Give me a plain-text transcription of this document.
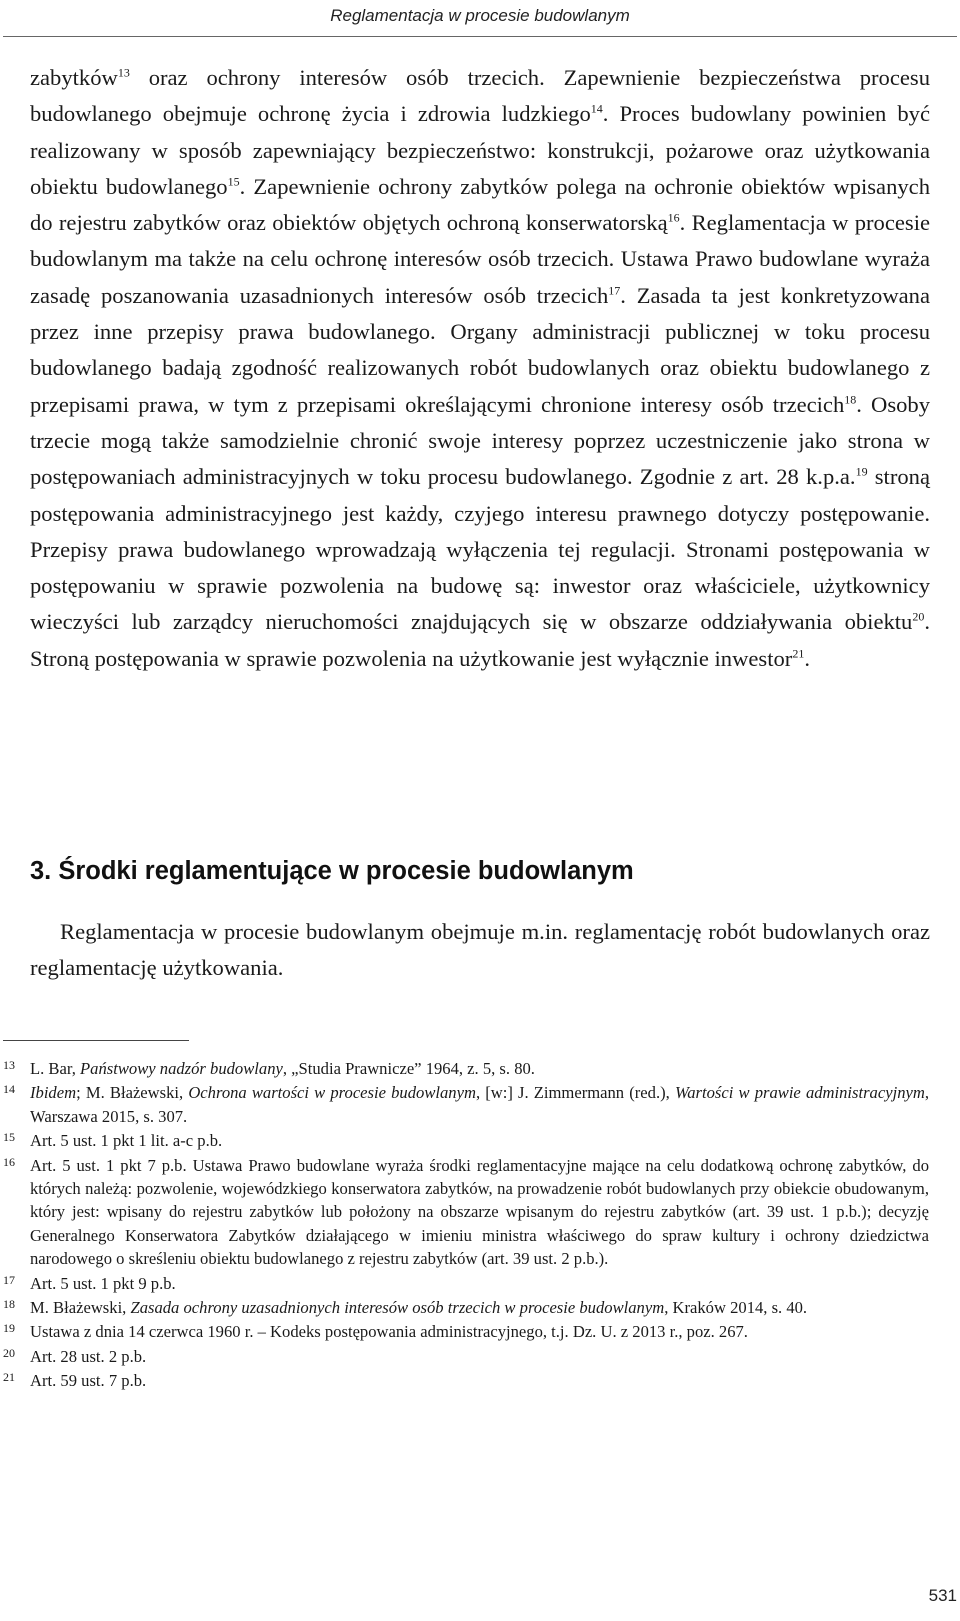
Reglamentacja w procesie budowlanym
zabytków$^{13}$ oraz ochrony interesów osób trzecich. Zapewnienie bezpieczeństwa procesu budowlanego obejmuje ochronę życia i zdrowia ludzkiego$^{14}$. Proces budowlany powinien być realizowany w sposób zapewniający bezpieczeństwo: konstrukcji, pożarowe oraz użytkowania obiektu budowlanego$^{15}$. Zapewnienie ochrony zabytków polega na ochronie obiektów wpisanych do rejestru zabytków oraz obiektów objętych ochroną konserwatorską$^{16}$. Reglamentacja w procesie budowlanym ma także na celu ochronę interesów osób trzecich. Ustawa Prawo budowlane wyraża zasadę poszanowania uzasadnionych interesów osób trzecich$^{17}$. Zasada ta jest konkretyzowana przez inne przepisy prawa budowlanego. Organy administracji publicznej w toku procesu budowlanego badają zgodność realizowanych robót budowlanych oraz obiektu budowlanego z przepisami prawa, w tym z przepisami określającymi chronione interesy osób trzecich$^{18}$. Osoby trzecie mogą także samodzielnie chronić swoje interesy poprzez uczestniczenie jako strona w postępowaniach administracyjnych w toku procesu budowlanego. Zgodnie z art. 28 k.p.a.$^{19}$ stroną postępowania administracyjnego jest każdy, czyjego interesu prawnego dotyczy postępowanie. Przepisy prawa budowlanego wprowadzają wyłączenia tej regulacji. Stronami postępowania w postępowaniu w sprawie pozwolenia na budowę są: inwestor oraz właściciele, użytkownicy wieczyści lub zarządcy nieruchomości znajdujących się w obszarze oddziaływania obiektu$^{20}$. Stroną postępowania w sprawie pozwolenia na użytkowanie jest wyłącznie inwestor$^{21}$.
3. Środki reglamentujące w procesie budowlanym
Reglamentacja w procesie budowlanym obejmuje m.in. reglamentację robót budowlanych oraz reglamentację użytkowania.
13 L. Bar, Państwowy nadzór budowlany, „Studia Prawnicze” 1964, z. 5, s. 80.
14 Ibidem; M. Błażewski, Ochrona wartości w procesie budowlanym, [w:] J. Zimmermann (red.), Wartości w prawie administracyjnym, Warszawa 2015, s. 307.
15 Art. 5 ust. 1 pkt 1 lit. a-c p.b.
16 Art. 5 ust. 1 pkt 7 p.b. Ustawa Prawo budowlane wyraża środki reglamentacyjne mające na celu dodatkową ochronę zabytków, do których należą: pozwolenie, wojewódzkiego konserwatora zabytków, na prowadzenie robót budowlanych przy obiekcie obudowanym, który jest: wpisany do rejestru zabytków lub położony na obszarze wpisanym do rejestru zabytków (art. 39 ust. 1 p.b.); decyzję Generalnego Konserwatora Zabytków działającego w imieniu ministra właściwego do spraw kultury i ochrony dziedzictwa narodowego o skreśleniu obiektu budowlanego z rejestru zabytków (art. 39 ust. 2 p.b.).
17 Art. 5 ust. 1 pkt 9 p.b.
18 M. Błażewski, Zasada ochrony uzasadnionych interesów osób trzecich w procesie budowlanym, Kraków 2014, s. 40.
19 Ustawa z dnia 14 czerwca 1960 r. – Kodeks postępowania administracyjnego, t.j. Dz. U. z 2013 r., poz. 267.
20 Art. 28 ust. 2 p.b.
21 Art. 59 ust. 7 p.b.
531
